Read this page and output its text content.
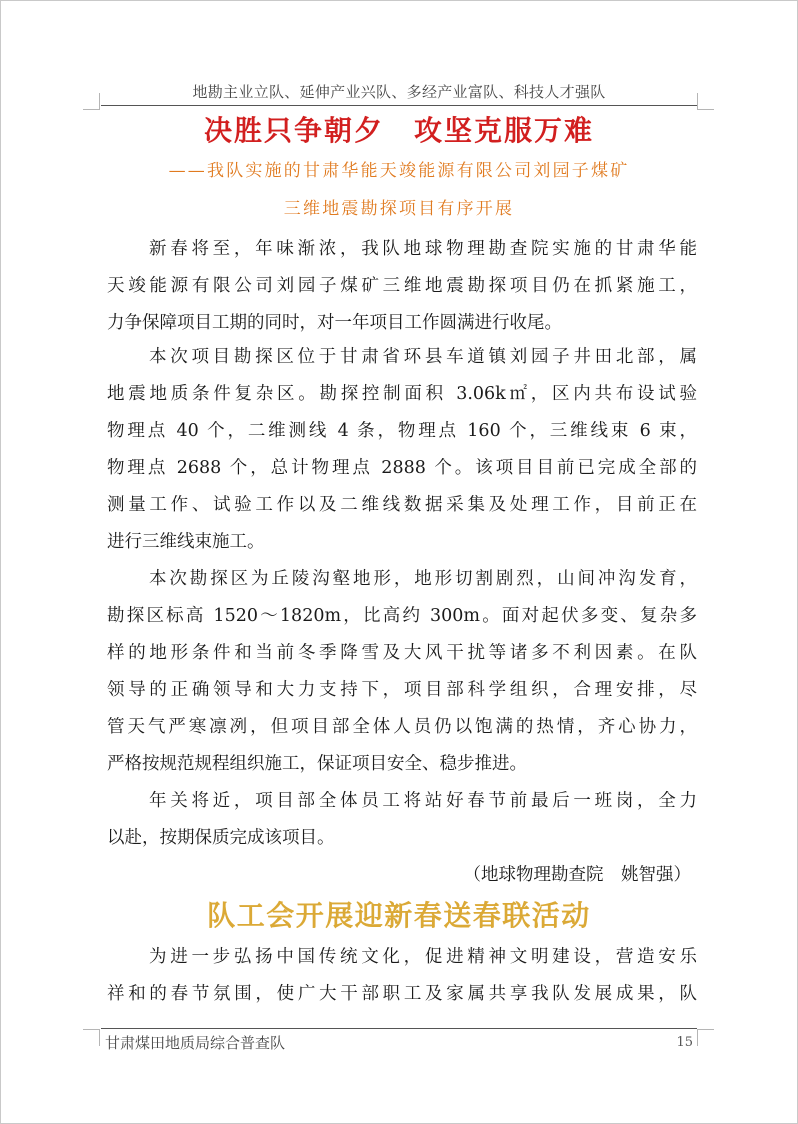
地勘主业立队、延伸产业兴队、多经产业富队、科技人才强队
决胜只争朝夕　攻坚克服万难
——我队实施的甘肃华能天竣能源有限公司刘园子煤矿
三维地震勘探项目有序开展
新春将至，年味渐浓，我队地球物理勘查院实施的甘肃华能
天竣能源有限公司刘园子煤矿三维地震勘探项目仍在抓紧施工，
力争保障项目工期的同时，对一年项目工作圆满进行收尾。
本次项目勘探区位于甘肃省环县车道镇刘园子井田北部，属
地震地质条件复杂区。勘探控制面积 3.06k㎡，区内共布设试验
物理点 40 个，二维测线 4 条，物理点 160 个，三维线束 6 束，
物理点 2688 个，总计物理点 2888 个。该项目目前已完成全部的
测量工作、试验工作以及二维线数据采集及处理工作，目前正在
进行三维线束施工。
本次勘探区为丘陵沟壑地形，地形切割剧烈，山间冲沟发育，
勘探区标高 1520～1820m，比高约 300m。面对起伏多变、复杂多
样的地形条件和当前冬季降雪及大风干扰等诸多不利因素。在队
领导的正确领导和大力支持下，项目部科学组织，合理安排，尽
管天气严寒凛冽，但项目部全体人员仍以饱满的热情，齐心协力，
严格按规范规程组织施工，保证项目安全、稳步推进。
年关将近，项目部全体员工将站好春节前最后一班岗，全力
以赴，按期保质完成该项目。
（地球物理勘查院　姚智强）
队工会开展迎新春送春联活动
为进一步弘扬中国传统文化，促进精神文明建设，营造安乐
祥和的春节氛围，使广大干部职工及家属共享我队发展成果，队
甘肃煤田地质局综合普查队	15
